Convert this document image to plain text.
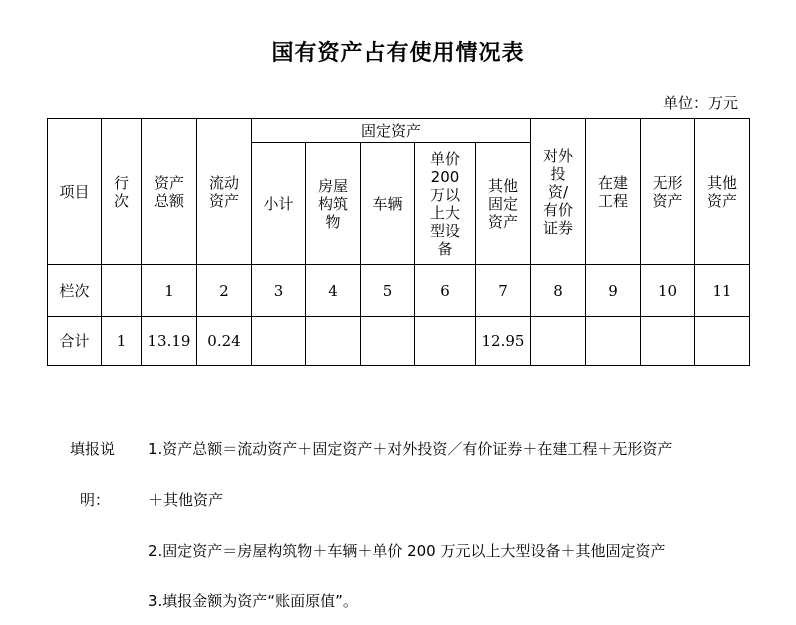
国有资产占有使用情况表
单位：万元
项目	行次	资产总额	流动资产	固定资产					对外投资/有价证券	在建工程	无形资产	其他资产
				小计	房屋构筑物	车辆	单价200万以上大型设备	其他固定资产				
栏次		1	2	3	4	5	6	7	8	9	10	11
合计	1	13.19	0.24					12.95				
填报说
明：
1.资产总额＝流动资产＋固定资产＋对外投资／有价证券＋在建工程＋无形资产
＋其他资产
2.固定资产＝房屋构筑物＋车辆＋单价 200 万元以上大型设备＋其他固定资产
3.填报金额为资产“账面原值”。
